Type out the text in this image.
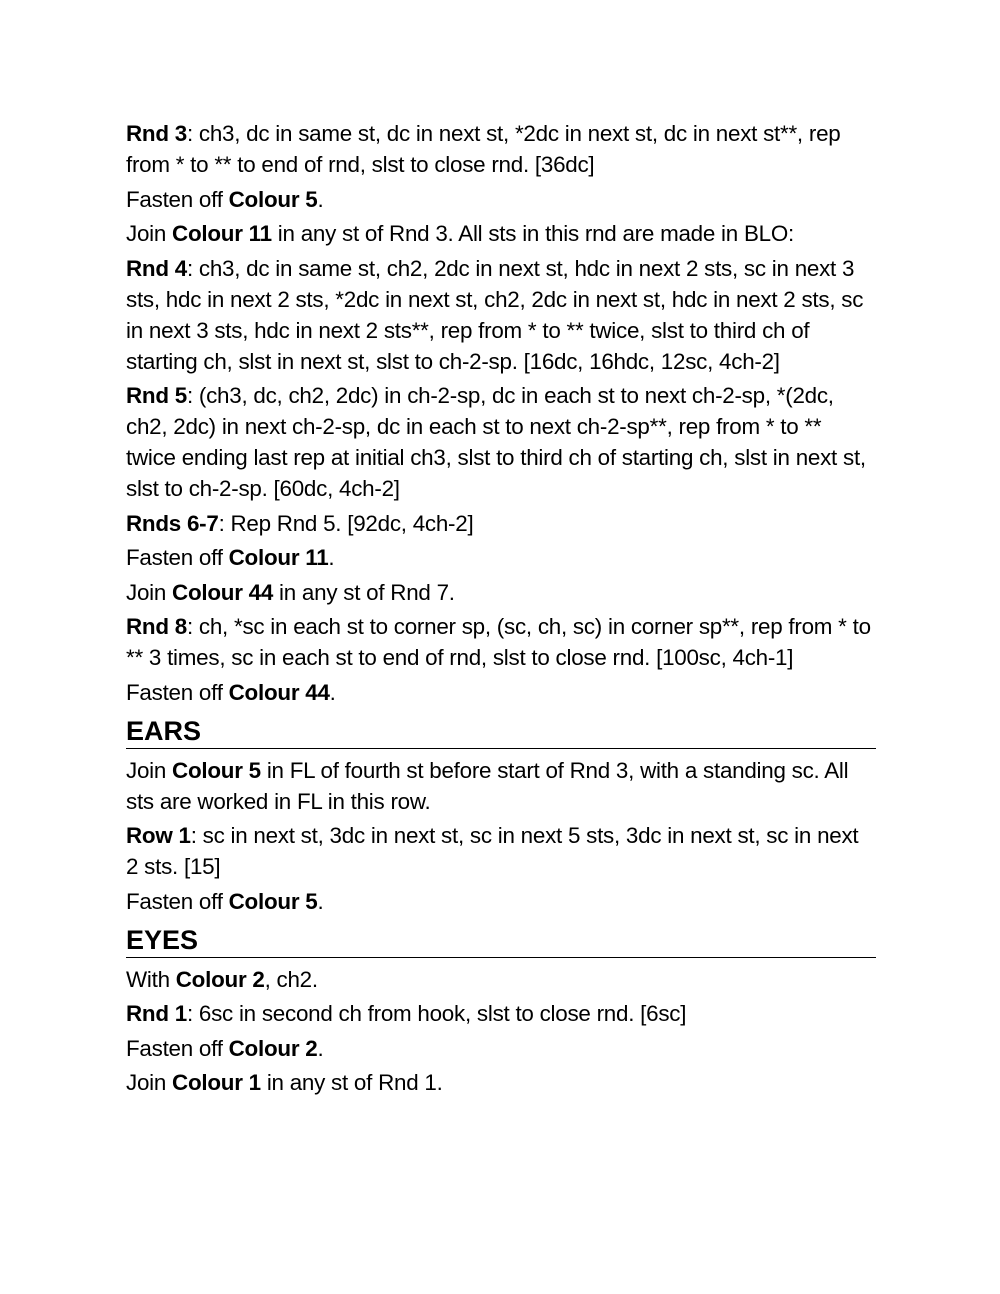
Rnd 3: ch3, dc in same st, dc in next st, *2dc in next st, dc in next st**, rep from * to ** to end of rnd, slst to close rnd. [36dc]

Fasten off Colour 5.

Join Colour 11 in any st of Rnd 3. All sts in this rnd are made in BLO:

Rnd 4: ch3, dc in same st, ch2, 2dc in next st, hdc in next 2 sts, sc in next 3 sts, hdc in next 2 sts, *2dc in next st, ch2, 2dc in next st, hdc in next 2 sts, sc in next 3 sts, hdc in next 2 sts**, rep from * to ** twice, slst to third ch of starting ch, slst in next st, slst to ch-2-sp. [16dc, 16hdc, 12sc, 4ch-2]

Rnd 5: (ch3, dc, ch2, 2dc) in ch-2-sp, dc in each st to next ch-2-sp, *(2dc, ch2, 2dc) in next ch-2-sp, dc in each st to next ch-2-sp**, rep from * to ** twice ending last rep at initial ch3, slst to third ch of starting ch, slst in next st, slst to ch-2-sp. [60dc, 4ch-2]

Rnds 6-7: Rep Rnd 5. [92dc, 4ch-2]

Fasten off Colour 11.

Join Colour 44 in any st of Rnd 7.

Rnd 8: ch, *sc in each st to corner sp, (sc, ch, sc) in corner sp**, rep from * to ** 3 times, sc in each st to end of rnd, slst to close rnd. [100sc, 4ch-1]

Fasten off Colour 44.

EARS

Join Colour 5 in FL of fourth st before start of Rnd 3, with a standing sc. All sts are worked in FL in this row.

Row 1: sc in next st, 3dc in next st, sc in next 5 sts, 3dc in next st, sc in next 2 sts. [15]

Fasten off Colour 5.

EYES

With Colour 2, ch2.

Rnd 1: 6sc in second ch from hook, slst to close rnd. [6sc]

Fasten off Colour 2.

Join Colour 1 in any st of Rnd 1.
